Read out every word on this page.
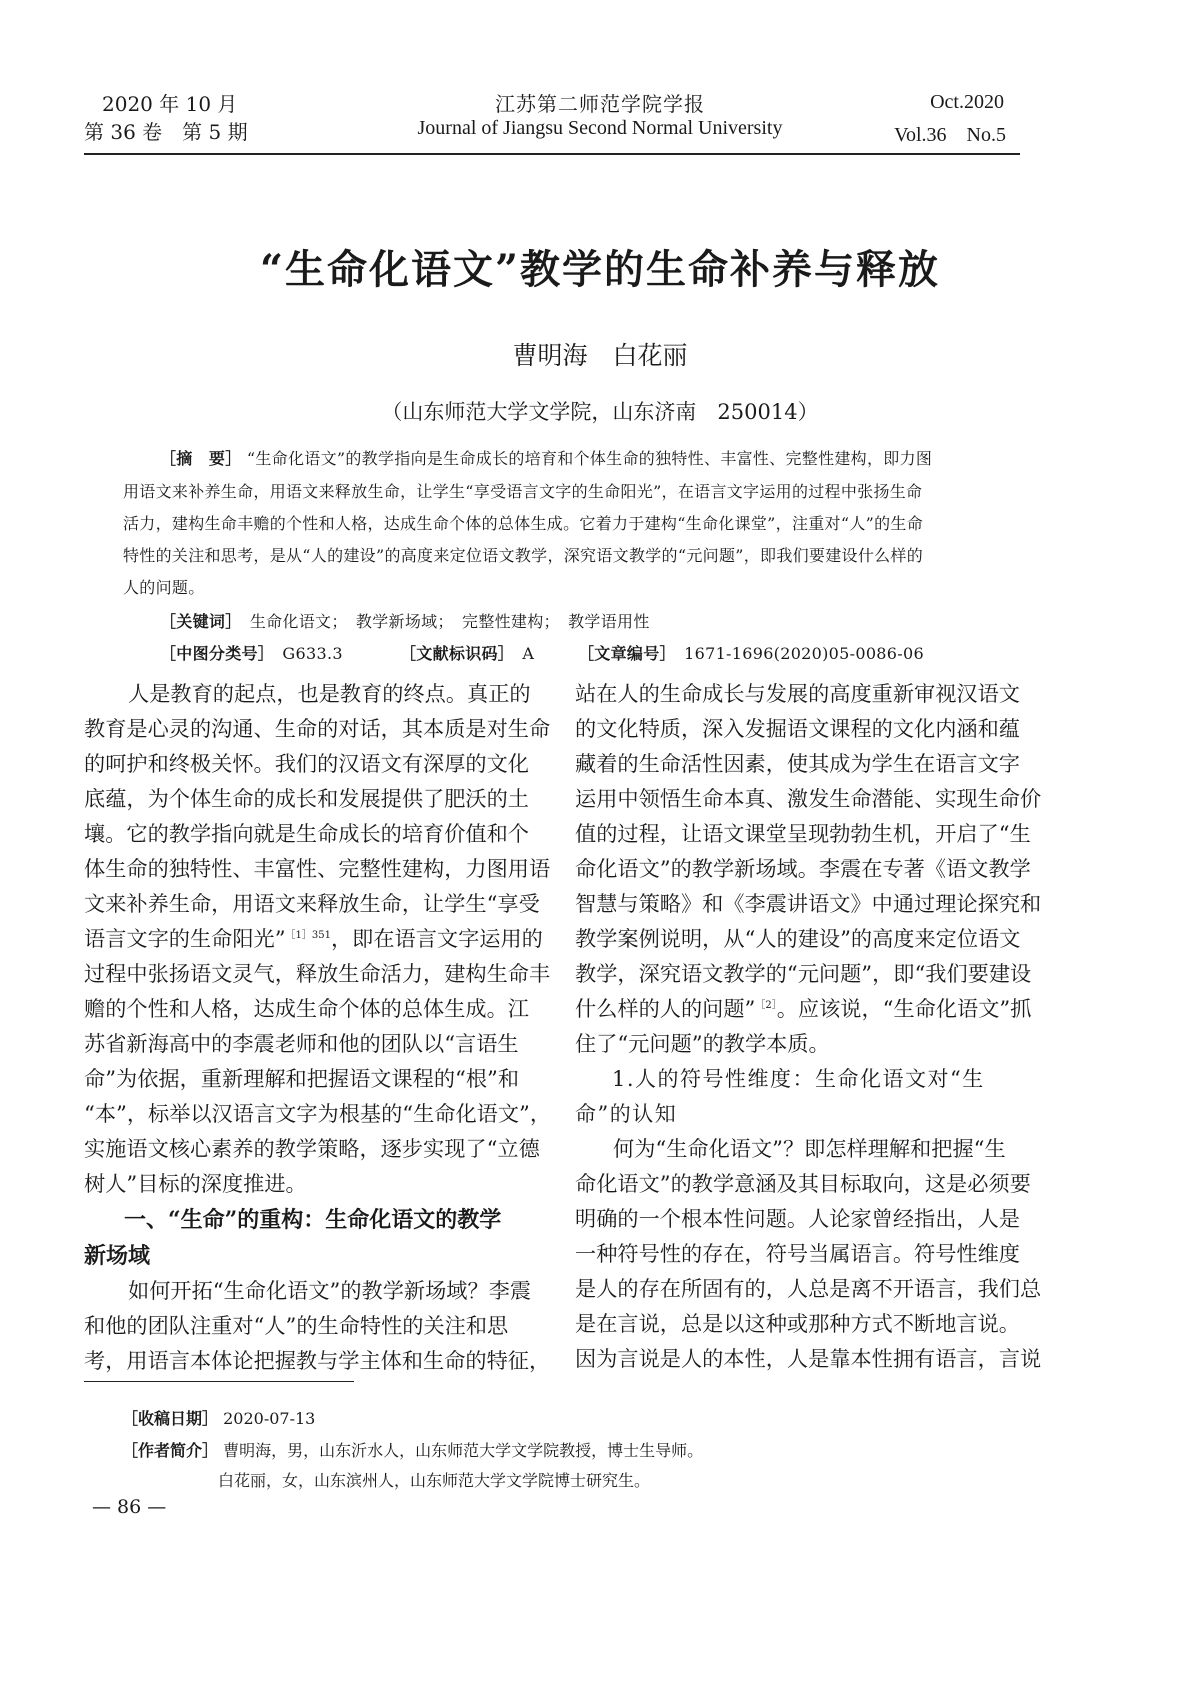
2020 年 10 月
第 36 卷　第 5 期
江苏第二师范学院学报
Journal of Jiangsu Second Normal University
Oct.2020
Vol.36　No.5
“生命化语文”教学的生命补养与释放
曹明海　白花丽
（山东师范大学文学院，山东济南　250014）
［摘　要］ “生命化语文”的教学指向是生命成长的培育和个体生命的独特性、丰富性、完整性建构，即力图
用语文来补养生命，用语文来释放生命，让学生“享受语言文字的生命阳光”，在语言文字运用的过程中张扬生命
活力，建构生命丰赡的个性和人格，达成生命个体的总体生成。它着力于建构“生命化课堂”，注重对“人”的生命
特性的关注和思考，是从“人的建设”的高度来定位语文教学，深究语文教学的“元问题”，即我们要建设什么样的
人的问题。
［关键词］　 生命化语文；　教学新场域；　完整性建构；　教学语用性
［中图分类号］　 G633.3	［文献标识码］　 A	［文章编号］　 1671-1696(2020)05-0086-06
人是教育的起点，也是教育的终点。真正的
教育是心灵的沟通、生命的对话，其本质是对生命
的呵护和终极关怀。我们的汉语文有深厚的文化
底蕴，为个体生命的成长和发展提供了肥沃的土
壤。它的教学指向就是生命成长的培育价值和个
体生命的独特性、丰富性、完整性建构，力图用语
文来补养生命，用语文来释放生命，让学生“享受
语言文字的生命阳光”$^{[1]351}$，即在语言文字运用的
过程中张扬语文灵气，释放生命活力，建构生命丰
赡的个性和人格，达成生命个体的总体生成。江
苏省新海高中的李震老师和他的团队以“言语生
命”为依据，重新理解和把握语文课程的“根”和
“本”，标举以汉语言文字为根基的“生命化语文”，
实施语文核心素养的教学策略，逐步实现了“立德
树人”目标的深度推进。
一、“生命”的重构：生命化语文的教学
新场域
如何开拓“生命化语文”的教学新场域？李震
和他的团队注重对“人”的生命特性的关注和思
考，用语言本体论把握教与学主体和生命的特征，
站在人的生命成长与发展的高度重新审视汉语文
的文化特质，深入发掘语文课程的文化内涵和蕴
藏着的生命活性因素，使其成为学生在语言文字
运用中领悟生命本真、激发生命潜能、实现生命价
值的过程，让语文课堂呈现勃勃生机，开启了“生
命化语文”的教学新场域。李震在专著《语文教学
智慧与策略》和《李震讲语文》中通过理论探究和
教学案例说明，从“人的建设”的高度来定位语文
教学，深究语文教学的“元问题”，即“我们要建设
什么样的人的问题”$^{[2]}$。应该说，“生命化语文”抓
住了“元问题”的教学本质。
1.人的符号性维度：生命化语文对“生
命”的认知
何为“生命化语文”？即怎样理解和把握“生
命化语文”的教学意涵及其目标取向，这是必须要
明确的一个根本性问题。人论家曾经指出，人是
一种符号性的存在，符号当属语言。符号性维度
是人的存在所固有的，人总是离不开语言，我们总
是在言说，总是以这种或那种方式不断地言说。
因为言说是人的本性，人是靠本性拥有语言，言说
［收稿日期］ 2020-07-13
［作者简介］ 曹明海，男，山东沂水人，山东师范大学文学院教授，博士生导师。
白花丽，女，山东滨州人，山东师范大学文学院博士研究生。
— 86 —
